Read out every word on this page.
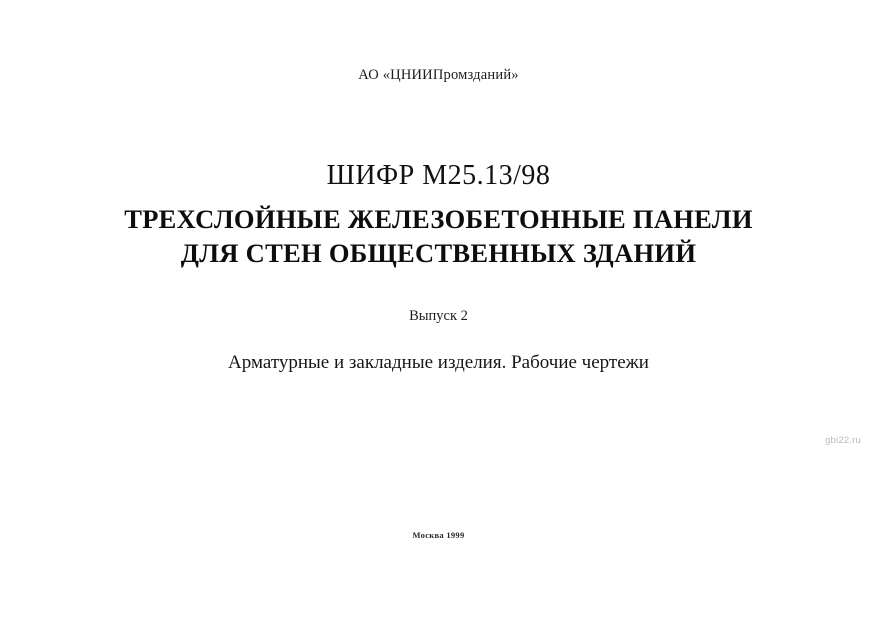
АО «ЦНИИПромзданий»
ШИФР М25.13/98
ТРЕХСЛОЙНЫЕ ЖЕЛЕЗОБЕТОННЫЕ ПАНЕЛИ
ДЛЯ СТЕН ОБЩЕСТВЕННЫХ ЗДАНИЙ
Выпуск 2
Арматурные и закладные изделия. Рабочие чертежи
gbi22.ru
Москва 1999
